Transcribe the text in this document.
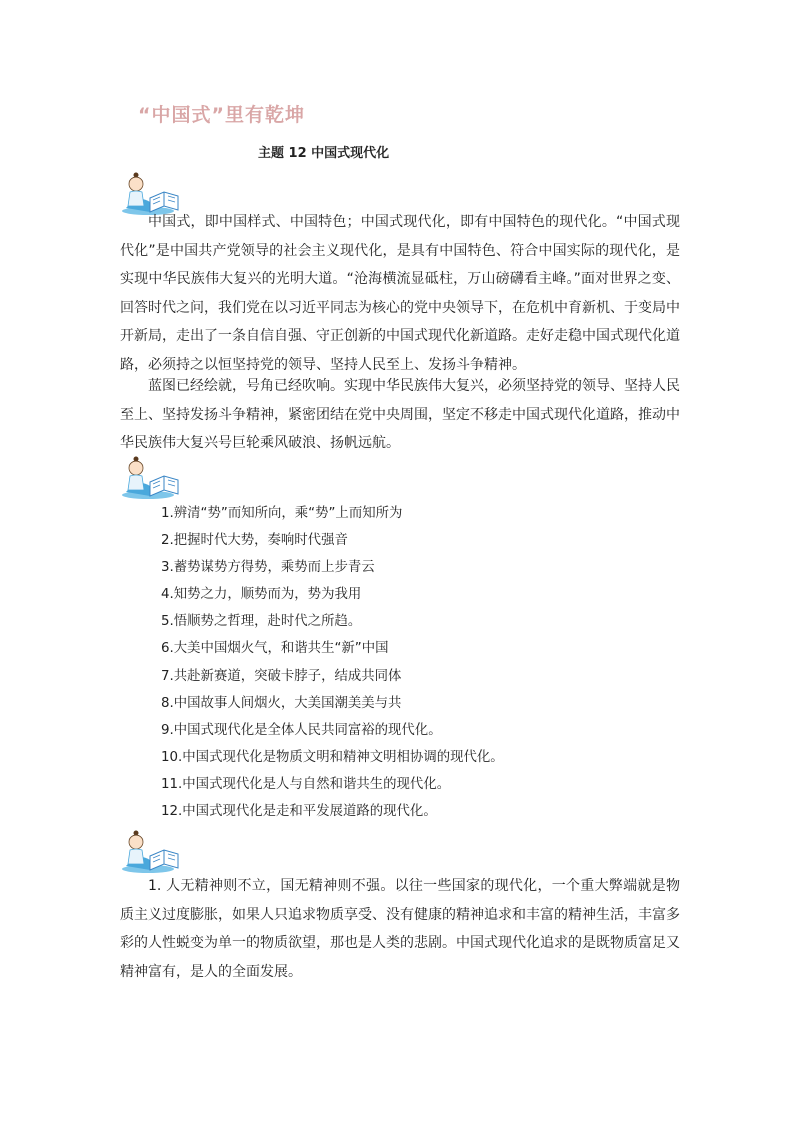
“中国式”里有乾坤
主题 12 中国式现代化
中国式，即中国样式、中国特色；中国式现代化，即有中国特色的现代化。“中国式现代化”是中国共产党领导的社会主义现代化，是具有中国特色、符合中国实际的现代化，是实现中华民族伟大复兴的光明大道。“沧海横流显砥柱，万山磅礴看主峰。”面对世界之变、回答时代之问，我们党在以习近平同志为核心的党中央领导下，在危机中育新机、于变局中开新局，走出了一条自信自强、守正创新的中国式现代化新道路。走好走稳中国式现代化道路，必须持之以恒坚持党的领导、坚持人民至上、发扬斗争精神。
蓝图已经绘就，号角已经吹响。实现中华民族伟大复兴，必须坚持党的领导、坚持人民至上、坚持发扬斗争精神，紧密团结在党中央周围，坚定不移走中国式现代化道路，推动中华民族伟大复兴号巨轮乘风破浪、扬帆远航。
1.辨清“势”而知所向，乘“势”上而知所为
2.把握时代大势，奏响时代强音
3.蓄势谋势方得势，乘势而上步青云
4.知势之力，顺势而为，势为我用
5.悟顺势之哲理，赴时代之所趋。
6.大美中国烟火气，和谐共生“新”中国
7.共赴新赛道，突破卡脖子，结成共同体
8.中国故事人间烟火，大美国潮美美与共
9.中国式现代化是全体人民共同富裕的现代化。
10.中国式现代化是物质文明和精神文明相协调的现代化。
11.中国式现代化是人与自然和谐共生的现代化。
12.中国式现代化是走和平发展道路的现代化。
1. 人无精神则不立，国无精神则不强。以往一些国家的现代化，一个重大弊端就是物质主义过度膨胀，如果人只追求物质享受、没有健康的精神追求和丰富的精神生活，丰富多彩的人性蜕变为单一的物质欲望，那也是人类的悲剧。中国式现代化追求的是既物质富足又精神富有，是人的全面发展。
